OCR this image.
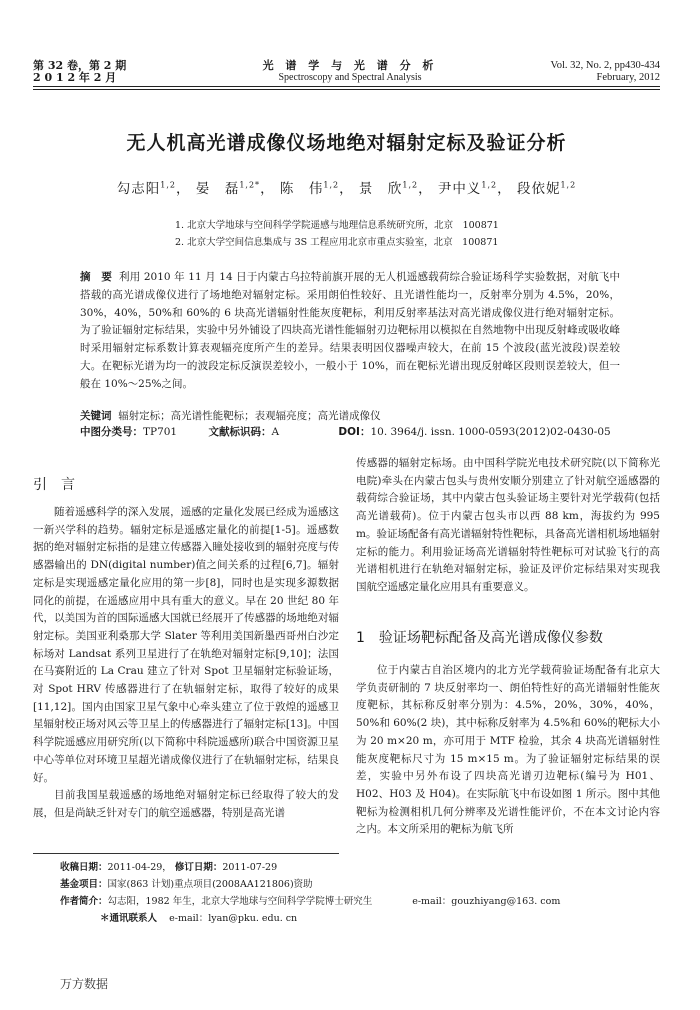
第 32 卷，第 2 期
2 0 1 2 年 2 月
光 谱 学 与 光 谱 分 析
Spectroscopy and Spectral Analysis
Vol. 32, No. 2, pp430-434
February, 2012
无人机高光谱成像仪场地绝对辐射定标及验证分析
勾志阳$^{1,2}$， 晏　磊$^{1,2*}$， 陈　伟$^{1,2}$， 景　欣$^{1,2}$， 尹中义$^{1,2}$， 段依妮$^{1,2}$
1. 北京大学地球与空间科学学院遥感与地理信息系统研究所，北京　100871
2. 北京大学空间信息集成与 3S 工程应用北京市重点实验室，北京　100871
摘　要 利用 2010 年 11 月 14 日于内蒙古乌拉特前旗开展的无人机遥感载荷综合验证场科学实验数据，对航飞中搭载的高光谱成像仪进行了场地绝对辐射定标。采用朗伯性较好、且光谱性能均一，反射率分别为 4.5%，20%，30%，40%，50%和 60%的 6 块高光谱辐射性能灰度靶标，利用反射率基法对高光谱成像仪进行绝对辐射定标。为了验证辐射定标结果，实验中另外铺设了四块高光谱性能辐射刃边靶标用以模拟在自然地物中出现反射峰或吸收峰时采用辐射定标系数计算表观辐亮度所产生的差异。结果表明因仪器噪声较大，在前 15 个波段(蓝光波段)误差较大。在靶标光谱为均一的波段定标反演误差较小，一般小于 10%，而在靶标光谱出现反射峰区段则误差较大，但一般在 10%～25%之间。
关键词 辐射定标；高光谱性能靶标；表观辐亮度；高光谱成像仪
中图分类号：TP701	文献标识码：A	DOI：10. 3964/j. issn. 1000-0593(2012)02-0430-05
引言

随着遥感科学的深入发展，遥感的定量化发展已经成为遥感这一新兴学科的趋势。辐射定标是遥感定量化的前提[1-5]。遥感数据的绝对辐射定标指的是建立传感器入瞳处接收到的辐射亮度与传感器输出的 DN(digital number)值之间关系的过程[6,7]。辐射定标是实现遥感定量化应用的第一步[8]，同时也是实现多源数据同化的前提，在遥感应用中具有重大的意义。早在 20 世纪 80 年代，以美国为首的国际遥感大国就已经展开了传感器的场地绝对辐射定标。美国亚利桑那大学 Slater 等利用美国新墨西哥州白沙定标场对 Landsat 系列卫星进行了在轨绝对辐射定标[9,10]；法国在马赛附近的 La Crau 建立了针对 Spot 卫星辐射定标验证场，对 Spot HRV 传感器进行了在轨辐射定标，取得了较好的成果[11,12]。国内由国家卫星气象中心牵头建立了位于敦煌的遥感卫星辐射校正场对风云等卫星上的传感器进行了辐射定标[13]。中国科学院遥感应用研究所(以下简称中科院遥感所)联合中国资源卫星中心等单位对环境卫星超光谱成像仪进行了在轨辐射定标，结果良好。

目前我国星载遥感的场地绝对辐射定标已经取得了较大的发展，但是尚缺乏针对专门的航空遥感器，特别是高光谱

传感器的辐射定标场。由中国科学院光电技术研究院(以下简称光电院)牵头在内蒙古包头与贵州安顺分别建立了针对航空遥感器的载荷综合验证场，其中内蒙古包头验证场主要针对光学载荷(包括高光谱载荷)。位于内蒙古包头市以西 88 km，海拔约为 995 m。验证场配备有高光谱辐射特性靶标，具备高光谱相机场地辐射定标的能力。利用验证场高光谱辐射特性靶标可对试验飞行的高光谱相机进行在轨绝对辐射定标，验证及评价定标结果对实现我国航空遥感定量化应用具有重要意义。

1　验证场靶标配备及高光谱成像仪参数

位于内蒙古自治区境内的北方光学载荷验证场配备有北京大学负责研制的 7 块反射率均一、朗伯特性好的高光谱辐射性能灰度靶标，其标称反射率分别为：4.5%，20%，30%，40%，50%和 60%(2 块)，其中标称反射率为 4.5%和 60%的靶标大小为 20 m×20 m，亦可用于 MTF 检验，其余 4 块高光谱辐射性能灰度靶标尺寸为 15 m×15 m。为了验证辐射定标结果的误差，实验中另外布设了四块高光谱刃边靶标(编号为 H01、H02、H03 及 H04)。在实际航飞中布设如图 1 所示。图中其他靶标为检测相机几何分辨率及光谱性能评价，不在本文讨论内容之内。本文所采用的靶标为航飞所

收稿日期：2011-04-29， 修订日期：2011-07-29
基金项目：国家(863 计划)重点项目(2008AA121806)资助
作者简介：勾志阳，1982 年生，北京大学地球与空间科学学院博士研究生	e-mail：gouzhiyang@163. com
＊通讯联系人 e-mail：lyan@pku. edu. cn
万方数据
